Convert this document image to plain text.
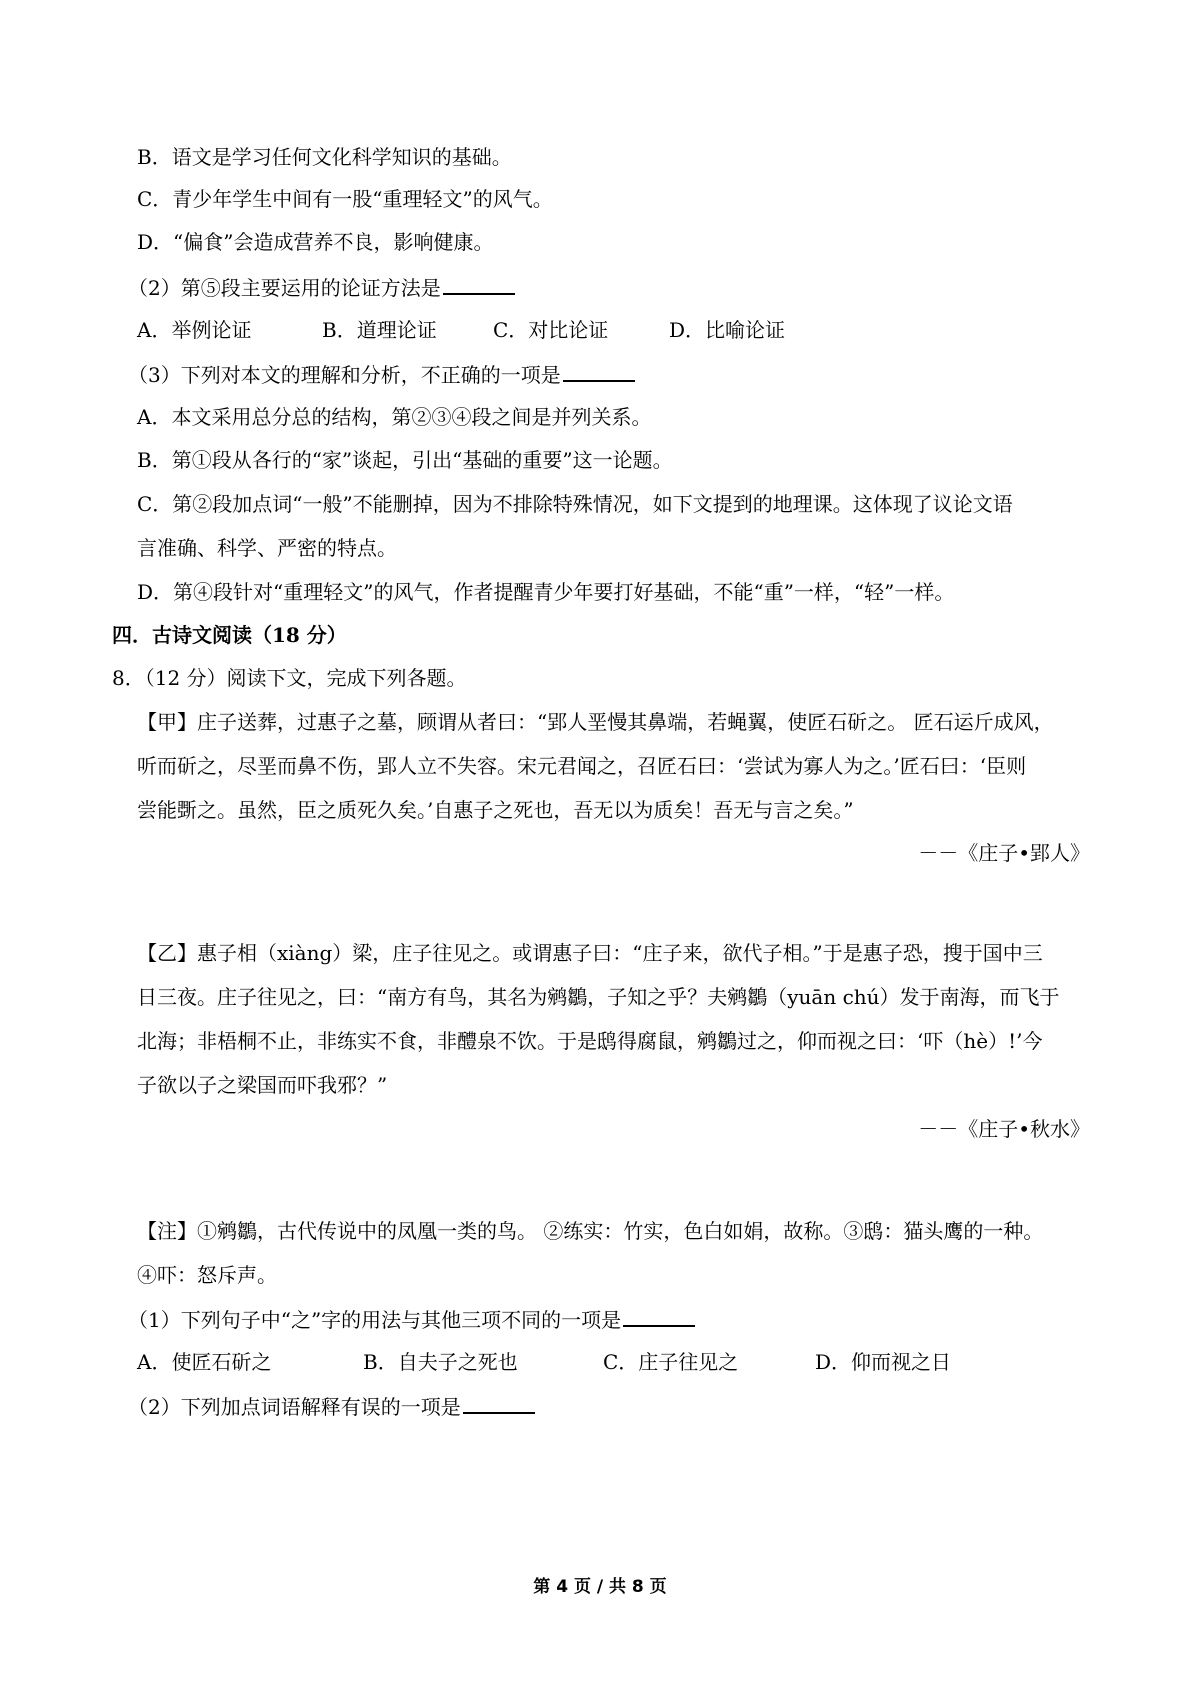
B．语文是学习任何文化科学知识的基础。
C．青少年学生中间有一股“重理轻文”的风气。
D．“偏食”会造成营养不良，影响健康。
（2）第⑤段主要运用的论证方法是
A．举例论证	B．道理论证	C．对比论证	D．比喻论证
（3）下列对本文的理解和分析，不正确的一项是
A．本文采用总分总的结构，第②③④段之间是并列关系。
B．第①段从各行的“家”谈起，引出“基础的重要”这一论题。
C．第②段加点词“一般”不能删掉，因为不排除特殊情况，如下文提到的地理课。这体现了议论文语
言准确、科学、严密的特点。
D．第④段针对“重理轻文”的风气，作者提醒青少年要打好基础，不能“重”一样，“轻”一样。
四．古诗文阅读（18 分）
8．（12 分）阅读下文，完成下列各题。
【甲】庄子送葬，过惠子之墓，顾谓从者曰：“郢人垩慢其鼻端，若蝇翼，使匠石斫之。 匠石运斤成风，
听而斫之，尽垩而鼻不伤，郢人立不失容。宋元君闻之，召匠石曰：‘尝试为寡人为之。’匠石曰：‘臣则
尝能斲之。虽然，臣之质死久矣。’自惠子之死也，吾无以为质矣！吾无与言之矣。”
－－《庄子•郢人》
【乙】惠子相（xiàng）梁，庄子往见之。或谓惠子曰：“庄子来，欲代子相。”于是惠子恐，搜于国中三
日三夜。庄子往见之，曰：“南方有鸟，其名为鹓鶵，子知之乎？夫鹓鶵（yuān chú）发于南海，而飞于
北海；非梧桐不止，非练实不食，非醴泉不饮。于是鸱得腐鼠，鹓鶵过之，仰而视之曰：‘吓（hè）!’今
子欲以子之梁国而吓我邪？”
－－《庄子•秋水》
【注】①鹓鶵，古代传说中的凤凰一类的鸟。 ②练实：竹实，色白如娟，故称。③鸱：猫头鹰的一种。
④吓：怒斥声。
（1）下列句子中“之”字的用法与其他三项不同的一项是
A．使匠石斫之	B．自夫子之死也	C．庄子往见之	D．仰而视之日
（2）下列加点词语解释有误的一项是
第 4 页 / 共 8 页
